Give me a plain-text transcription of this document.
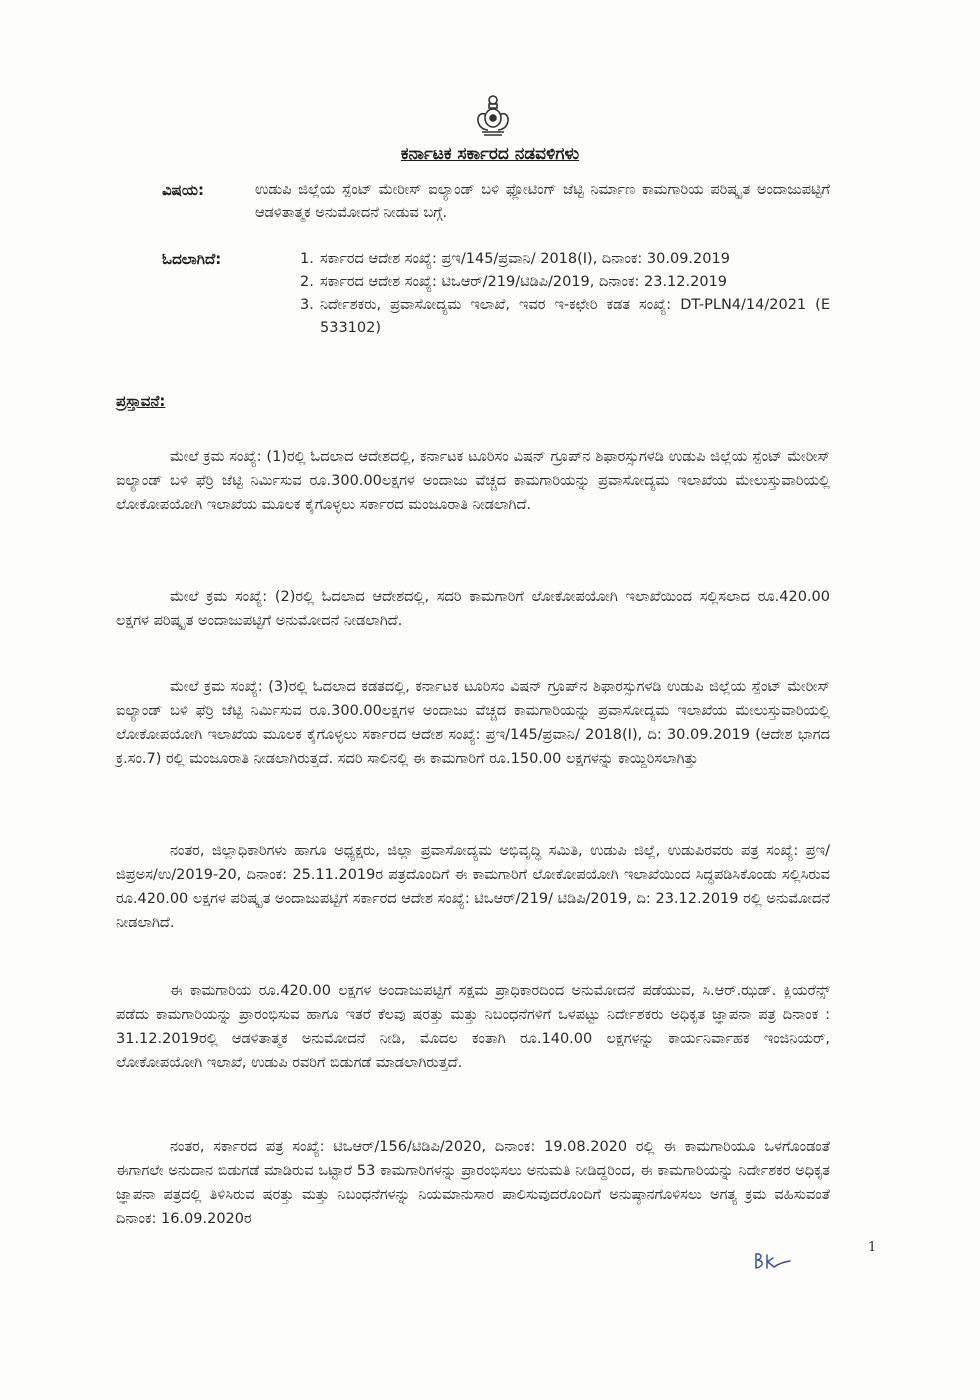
ಕರ್ನಾಟಕ ಸರ್ಕಾರದ ನಡವಳಿಗಳು
ವಿಷಯ:	ಉಡುಪಿ ಜಿಲ್ಲೆಯ ಸ್ಪೆಂಟ್ ಮೇರೀಸ್ ಐಲ್ಯಾಂಡ್ ಬಳಿ ಫ್ಲೋಟಿಂಗ್ ಜೆಟ್ಟಿ ನಿರ್ಮಾಣ ಕಾಮಗಾರಿಯ ಪರಿಷ್ಕೃತ ಅಂದಾಜುಪಟ್ಟಿಗೆ ಆಡಳಿತಾತ್ಮಕ ಅನುಮೋದನೆ ನೀಡುವ ಬಗ್ಗೆ.
ಓದಲಾಗಿದೆ:	1. ಸರ್ಕಾರದ ಆದೇಶ ಸಂಖ್ಯೆ: ಪ್ರಇ/145/ಪ್ರವಾನಿ/ 2018(I), ದಿನಾಂಕ: 30.09.2019
2. ಸರ್ಕಾರದ ಆದೇಶ ಸಂಖ್ಯೆ: ಟಿಒಆರ್/219/ಟಿಡಿಪಿ/2019, ದಿನಾಂಕ: 23.12.2019
3. ನಿರ್ದೇಶಕರು, ಪ್ರವಾಸೋದ್ಯಮ ಇಲಾಖೆ, ಇವರ ಇ-ಕಛೇರಿ ಕಡತ ಸಂಖ್ಯೆ: DT-PLN4/14/2021 (E 533102)
ಪ್ರಸ್ತಾವನೆ:

ಮೇಲೆ ಕ್ರಮ ಸಂಖ್ಯೆ: (1)ರಲ್ಲಿ ಓದಲಾದ ಆದೇಶದಲ್ಲಿ, ಕರ್ನಾಟಕ ಟೂರಿಸಂ ವಿಷನ್ ಗ್ರೂಪ್‌ನ ಶಿಫಾರಸ್ಸುಗಳಡಿ ಉಡುಪಿ ಜಿಲ್ಲೆಯ ಸ್ಪೆಂಟ್ ಮೇರೀಸ್ ಐಲ್ಯಾಂಡ್ ಬಳಿ ಫೆರ್ರಿ ಜೆಟ್ಟಿ ನಿರ್ಮಿಸುವ ರೂ.300.00ಲಕ್ಷಗಳ ಅಂದಾಜು ವೆಚ್ಚದ ಕಾಮಗಾರಿಯನ್ನು ಪ್ರವಾಸೋದ್ಯಮ ಇಲಾಖೆಯ ಮೇಲುಸ್ತುವಾರಿಯಲ್ಲಿ ಲೋಕೋಪಯೋಗಿ ಇಲಾಖೆಯ ಮೂಲಕ ಕೈಗೊಳ್ಳಲು ಸರ್ಕಾರದ ಮಂಜೂರಾತಿ ನೀಡಲಾಗಿದೆ.

ಮೇಲೆ ಕ್ರಮ ಸಂಖ್ಯೆ: (2)ರಲ್ಲಿ ಓದಲಾದ ಆದೇಶದಲ್ಲಿ, ಸದರಿ ಕಾಮಗಾರಿಗೆ ಲೋಕೋಪಯೋಗಿ ಇಲಾಖೆಯಿಂದ ಸಲ್ಲಿಸಲಾದ ರೂ.420.00 ಲಕ್ಷಗಳ ಪರಿಷ್ಕೃತ ಅಂದಾಜುಪಟ್ಟಿಗೆ ಅನುಮೋದನೆ ನೀಡಲಾಗಿದೆ.

ಮೇಲೆ ಕ್ರಮ ಸಂಖ್ಯೆ: (3)ರಲ್ಲಿ ಓದಲಾದ ಕಡತದಲ್ಲಿ, ಕರ್ನಾಟಕ ಟೂರಿಸಂ ವಿಷನ್ ಗ್ರೂಪ್‌ನ ಶಿಫಾರಸ್ಸುಗಳಡಿ ಉಡುಪಿ ಜಿಲ್ಲೆಯ ಸ್ಪೆಂಟ್ ಮೇರೀಸ್ ಐಲ್ಯಾಂಡ್ ಬಳಿ ಫೆರ್ರಿ ಜೆಟ್ಟಿ ನಿರ್ಮಿಸುವ ರೂ.300.00ಲಕ್ಷಗಳ ಅಂದಾಜು ವೆಚ್ಚದ ಕಾಮಗಾರಿಯನ್ನು ಪ್ರವಾಸೋದ್ಯಮ ಇಲಾಖೆಯ ಮೇಲುಸ್ತುವಾರಿಯಲ್ಲಿ ಲೋಕೋಪಯೋಗಿ ಇಲಾಖೆಯ ಮೂಲಕ ಕೈಗೊಳ್ಳಲು ಸರ್ಕಾರದ ಆದೇಶ ಸಂಖ್ಯೆ: ಪ್ರಇ/145/ಪ್ರವಾನಿ/ 2018(I), ದಿ: 30.09.2019 (ಆದೇಶ ಭಾಗದ ಕ್ರ.ಸಂ.7) ರಲ್ಲಿ ಮಂಜೂರಾತಿ ನೀಡಲಾಗಿರುತ್ತದೆ. ಸದರಿ ಸಾಲಿನಲ್ಲಿ ಈ ಕಾಮಗಾರಿಗೆ ರೂ.150.00 ಲಕ್ಷಗಳನ್ನು ಕಾಯ್ದಿರಿಸಲಾಗಿತ್ತು

ನಂತರ, ಜಿಲ್ಲಾಧಿಕಾರಿಗಳು ಹಾಗೂ ಅಧ್ಯಕ್ಷರು, ಜಿಲ್ಲಾ ಪ್ರವಾಸೋದ್ಯಮ ಅಭಿವೃದ್ಧಿ ಸಮಿತಿ, ಉಡುಪಿ ಜಿಲ್ಲೆ, ಉಡುಪಿರವರು ಪತ್ರ ಸಂಖ್ಯೆ: ಪ್ರಇ/ಜಿಪ್ರಅಸ/ಉ/2019-20, ದಿನಾಂಕ: 25.11.2019ರ ಪತ್ರದೊಂದಿಗೆ ಈ ಕಾಮಗಾರಿಗೆ ಲೋಕೋಪಯೋಗಿ ಇಲಾಖೆಯಿಂದ ಸಿದ್ಧಪಡಿಸಿಕೊಂಡು ಸಲ್ಲಿಸಿರುವ ರೂ.420.00 ಲಕ್ಷಗಳ ಪರಿಷ್ಕೃತ ಅಂದಾಜುಪಟ್ಟಿಗೆ ಸರ್ಕಾರದ ಆದೇಶ ಸಂಖ್ಯೆ: ಟಿಒಆರ್/219/ ಟಿಡಿಪಿ/2019, ದಿ: 23.12.2019 ರಲ್ಲಿ ಅನುಮೋದನೆ ನೀಡಲಾಗಿದೆ.

ಈ ಕಾಮಗಾರಿಯ ರೂ.420.00 ಲಕ್ಷಗಳ ಅಂದಾಜುಪಟ್ಟಿಗೆ ಸಕ್ಷಮ ಪ್ರಾಧಿಕಾರದಿಂದ ಅನುಮೋದನೆ ಪಡೆಯುವ, ಸಿ.ಆರ್.ಝಡ್. ಕ್ಲಿಯರೆನ್ಸ್ ಪಡೆದು ಕಾಮಗಾರಿಯನ್ನು ಪ್ರಾರಂಭಿಸುವ ಹಾಗೂ ಇತರೆ ಕೆಲವು ಷರತ್ತು ಮತ್ತು ನಿಬಂಧನೆಗಳಿಗೆ ಒಳಪಟ್ಟು ನಿರ್ದೇಶಕರು ಅಧಿಕೃತ ಜ್ಞಾಪನಾ ಪತ್ರ ದಿನಾಂಕ : 31.12.2019ರಲ್ಲಿ ಆಡಳಿತಾತ್ಮಕ ಅನುಮೋದನೆ ನೀಡಿ, ಮೊದಲ ಕಂತಾಗಿ ರೂ.140.00 ಲಕ್ಷಗಳನ್ನು ಕಾರ್ಯನಿರ್ವಾಹಕ ಇಂಜಿನಿಯರ್, ಲೋಕೋಪಯೋಗಿ ಇಲಾಖೆ, ಉಡುಪಿ ರವರಿಗೆ ಬಿಡುಗಡೆ ಮಾಡಲಾಗಿರುತ್ತದೆ.

ನಂತರ, ಸರ್ಕಾರದ ಪತ್ರ ಸಂಖ್ಯೆ: ಟಿಒಆರ್/156/ಟಿಡಿಪಿ/2020, ದಿನಾಂಕ: 19.08.2020 ರಲ್ಲಿ ಈ ಕಾಮಗಾರಿಯೂ ಒಳಗೊಂಡಂತೆ ಈಗಾಗಲೇ ಅನುದಾನ ಬಿಡುಗಡೆ ಮಾಡಿರುವ ಒಟ್ಟಾರೆ 53 ಕಾಮಗಾರಿಗಳನ್ನು ಪ್ರಾರಂಭಿಸಲು ಅನುಮತಿ ನೀಡಿದ್ದರಿಂದ, ಈ ಕಾಮಗಾರಿಯನ್ನು ನಿರ್ದೇಶಕರ ಅಧಿಕೃತ ಜ್ಞಾಪನಾ ಪತ್ರದಲ್ಲಿ ತಿಳಿಸಿರುವ ಷರತ್ತು ಮತ್ತು ನಿಬಂಧನೆಗಳನ್ನು ನಿಯಮಾನುಸಾರ ಪಾಲಿಸುವುದರೊಂದಿಗೆ ಅನುಷ್ಠಾನಗೊಳಿಸಲು ಅಗತ್ಯ ಕ್ರಮ ವಹಿಸುವಂತೆ ದಿನಾಂಕ: 16.09.2020ರ

1
